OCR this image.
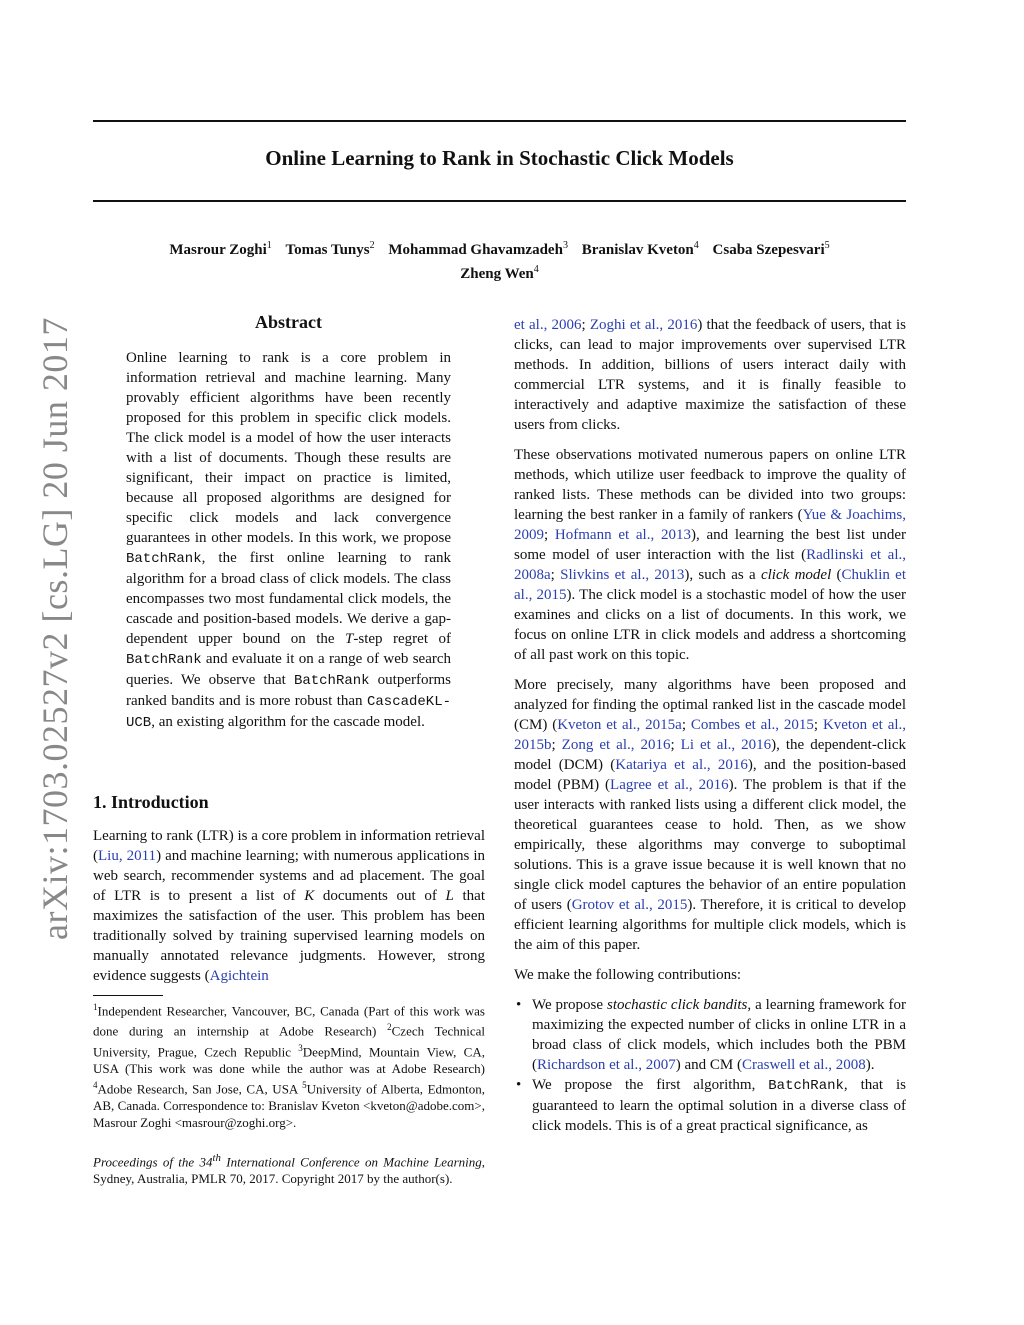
Online Learning to Rank in Stochastic Click Models
Masrour Zoghi$^1$ Tomas Tunys$^2$ Mohammad Ghavamzadeh$^3$ Branislav Kveton$^4$ Csaba Szepesvari$^5$
Zheng Wen$^4$
arXiv:1703.02527v2 [cs.LG] 20 Jun 2017	Abstract
Online learning to rank is a core problem in information retrieval and machine learning. Many provably efficient algorithms have been recently proposed for this problem in specific click models. The click model is a model of how the user interacts with a list of documents. Though these results are significant, their impact on practice is limited, because all proposed algorithms are designed for specific click models and lack convergence guarantees in other models. In this work, we propose BatchRank, the first online learning to rank algorithm for a broad class of click models. The class encompasses two most fundamental click models, the cascade and position-based models. We derive a gap-dependent upper bound on the T-step regret of BatchRank and evaluate it on a range of web search queries. We observe that BatchRank outperforms ranked bandits and is more robust than CascadeKL-UCB, an existing algorithm for the cascade model.
1. Introduction
Learning to rank (LTR) is a core problem in information retrieval (Liu, 2011) and machine learning; with numerous applications in web search, recommender systems and ad placement. The goal of LTR is to present a list of K documents out of L that maximizes the satisfaction of the user. This problem has been traditionally solved by training supervised learning models on manually annotated relevance judgments. However, strong evidence suggests (Agichtein
$^1$Independent Researcher, Vancouver, BC, Canada (Part of this work was done during an internship at Adobe Research) $^2$Czech Technical University, Prague, Czech Republic $^3$DeepMind, Mountain View, CA, USA (This work was done while the author was at Adobe Research) $^4$Adobe Research, San Jose, CA, USA $^5$University of Alberta, Edmonton, AB, Canada. Correspondence to: Branislav Kveton <kveton@adobe.com>, Masrour Zoghi <masrour@zoghi.org>.
Proceedings of the 34th International Conference on Machine Learning, Sydney, Australia, PMLR 70, 2017. Copyright 2017 by the author(s).

et al., 2006; Zoghi et al., 2016) that the feedback of users, that is clicks, can lead to major improvements over supervised LTR methods. In addition, billions of users interact daily with commercial LTR systems, and it is finally feasible to interactively and adaptive maximize the satisfaction of these users from clicks.

These observations motivated numerous papers on online LTR methods, which utilize user feedback to improve the quality of ranked lists. These methods can be divided into two groups: learning the best ranker in a family of rankers (Yue & Joachims, 2009; Hofmann et al., 2013), and learning the best list under some model of user interaction with the list (Radlinski et al., 2008a; Slivkins et al., 2013), such as a click model (Chuklin et al., 2015). The click model is a stochastic model of how the user examines and clicks on a list of documents. In this work, we focus on online LTR in click models and address a shortcoming of all past work on this topic.

More precisely, many algorithms have been proposed and analyzed for finding the optimal ranked list in the cascade model (CM) (Kveton et al., 2015a; Combes et al., 2015; Kveton et al., 2015b; Zong et al., 2016; Li et al., 2016), the dependent-click model (DCM) (Katariya et al., 2016), and the position-based model (PBM) (Lagree et al., 2016). The problem is that if the user interacts with ranked lists using a different click model, the theoretical guarantees cease to hold. Then, as we show empirically, these algorithms may converge to suboptimal solutions. This is a grave issue because it is well known that no single click model captures the behavior of an entire population of users (Grotov et al., 2015). Therefore, it is critical to develop efficient learning algorithms for multiple click models, which is the aim of this paper.

We make the following contributions:

• We propose stochastic click bandits, a learning framework for maximizing the expected number of clicks in online LTR in a broad class of click models, which includes both the PBM (Richardson et al., 2007) and CM (Craswell et al., 2008).
• We propose the first algorithm, BatchRank, that is guaranteed to learn the optimal solution in a diverse class of click models. This is of a great practical significance, as
